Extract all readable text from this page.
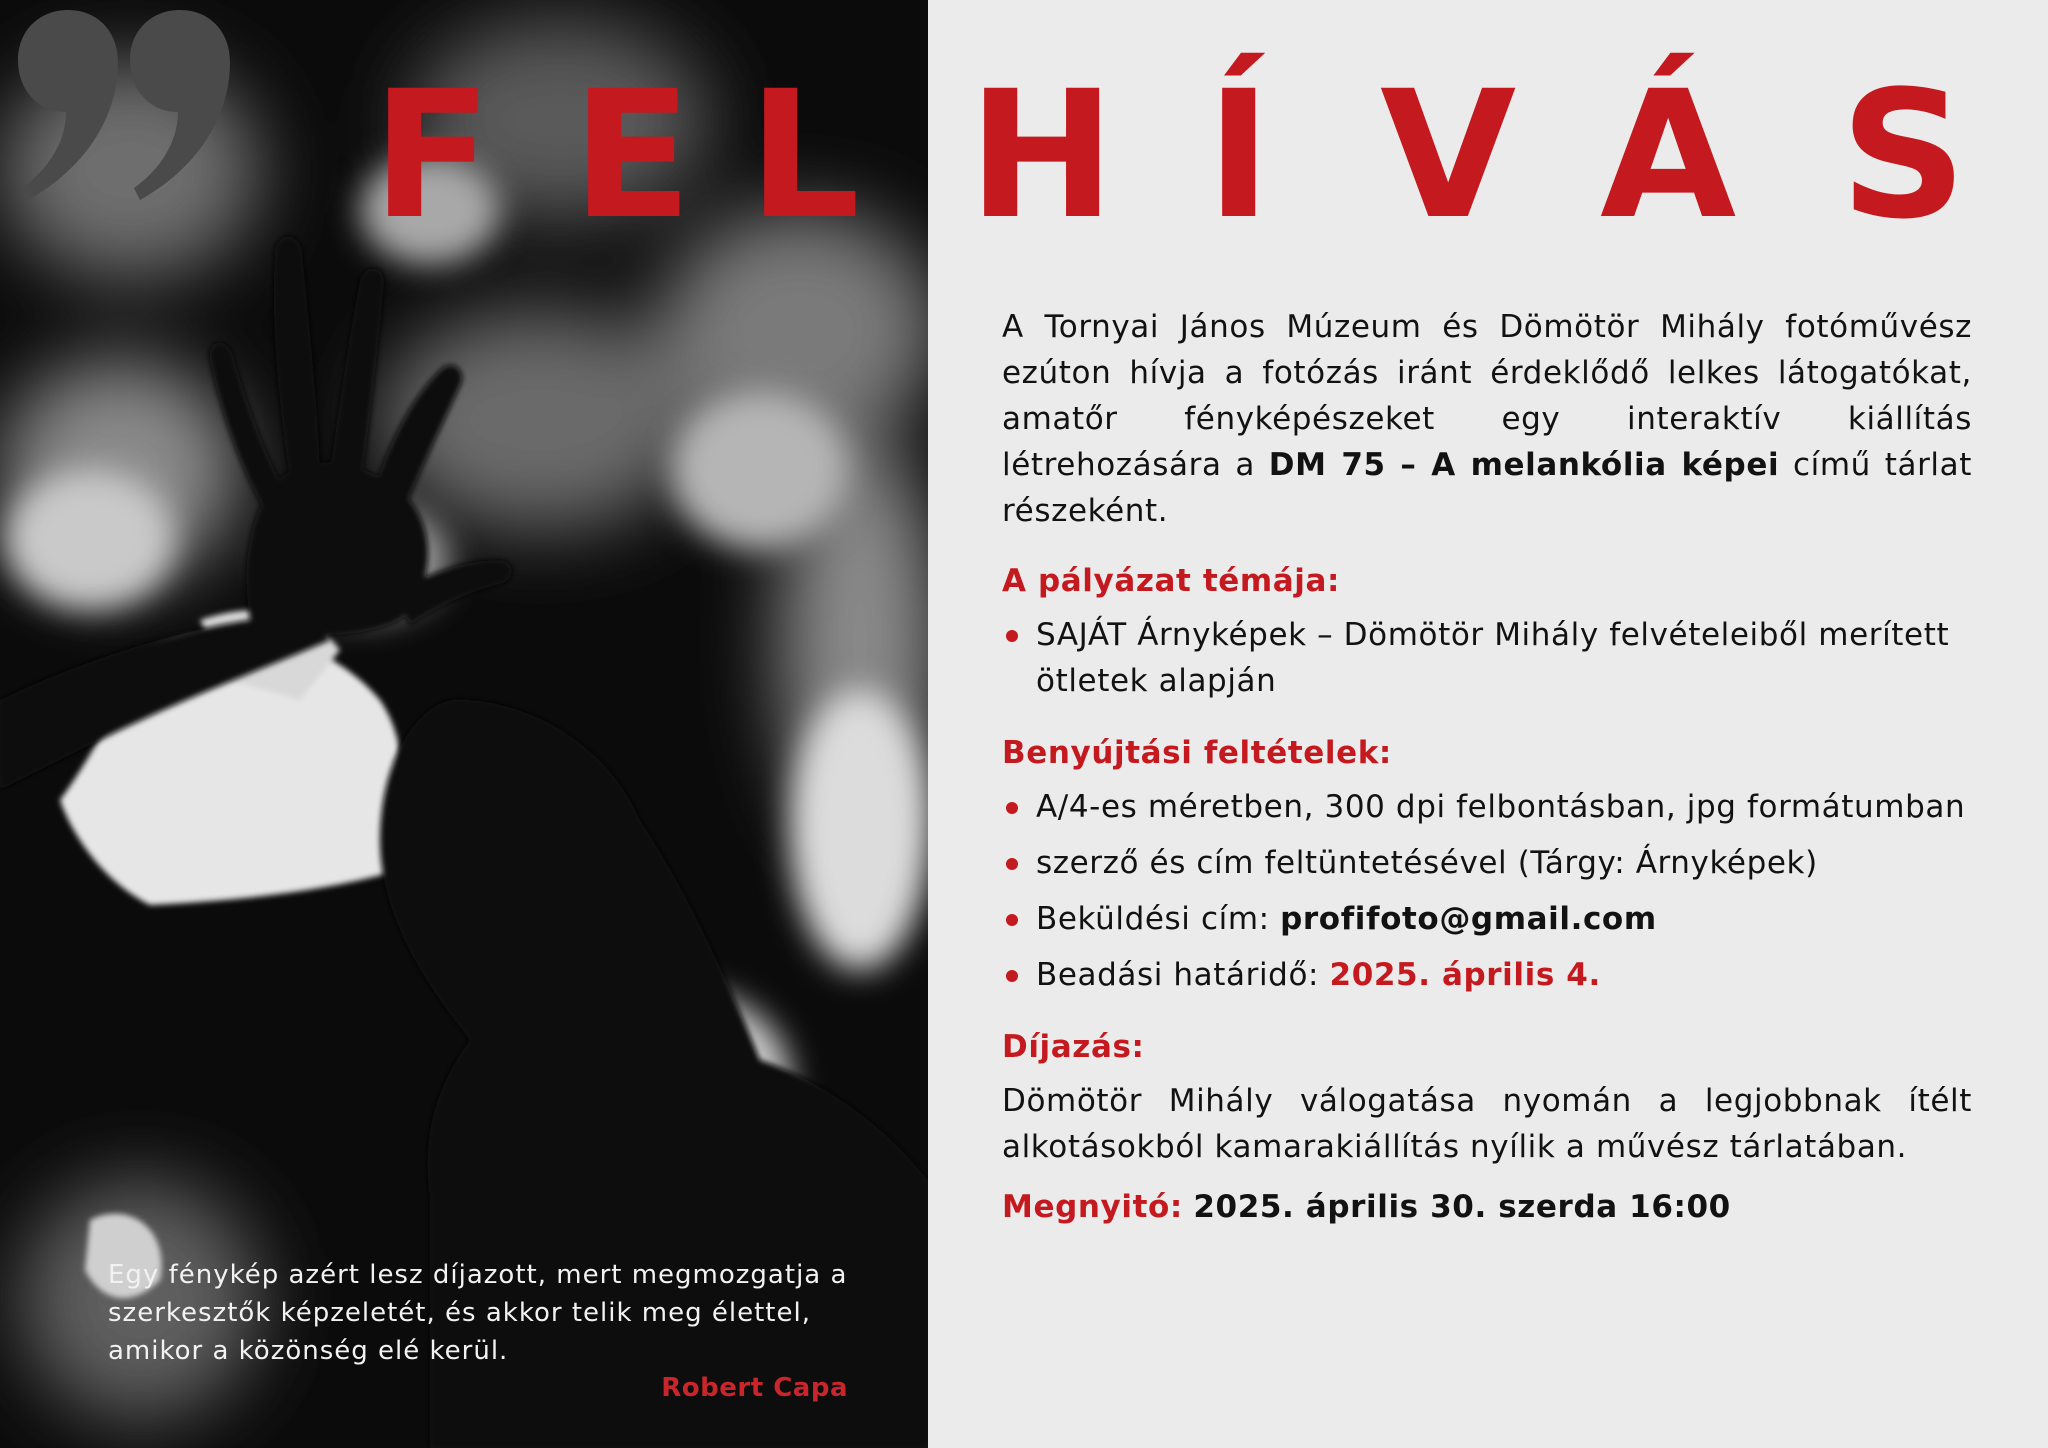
Egy fénykép azért lesz díjazott, mert megmozgatja a szerkesztők képzeletét, és akkor telik meg élettel, amikor a közönség elé kerül.
Robert Capa
F E L H Í V Á S

A Tornyai János Múzeum és Dömötör Mihály fotóművész ezúton hívja a fotózás iránt érdeklődő lelkes látogatókat, amatőr fényképészeket egy interaktív kiállítás létrehozására a DM 75 – A melankólia képei című tárlat részeként.

A pályázat témája:
SAJÁT Árnyképek – Dömötör Mihály felvételeiből merített ötletek alapján
Benyújtási feltételek:
A/4-es méretben, 300 dpi felbontásban, jpg formátumban
szerző és cím feltüntetésével (Tárgy: Árnyképek)
Beküldési cím: profifoto@gmail.com
Beadási határidő: 2025. április 4.
Díjazás:

Dömötör Mihály válogatása nyomán a legjobbnak ítélt alkotásokból kamarakiállítás nyílik a művész tárlatában.

Megnyitó: 2025. április 30. szerda 16:00
